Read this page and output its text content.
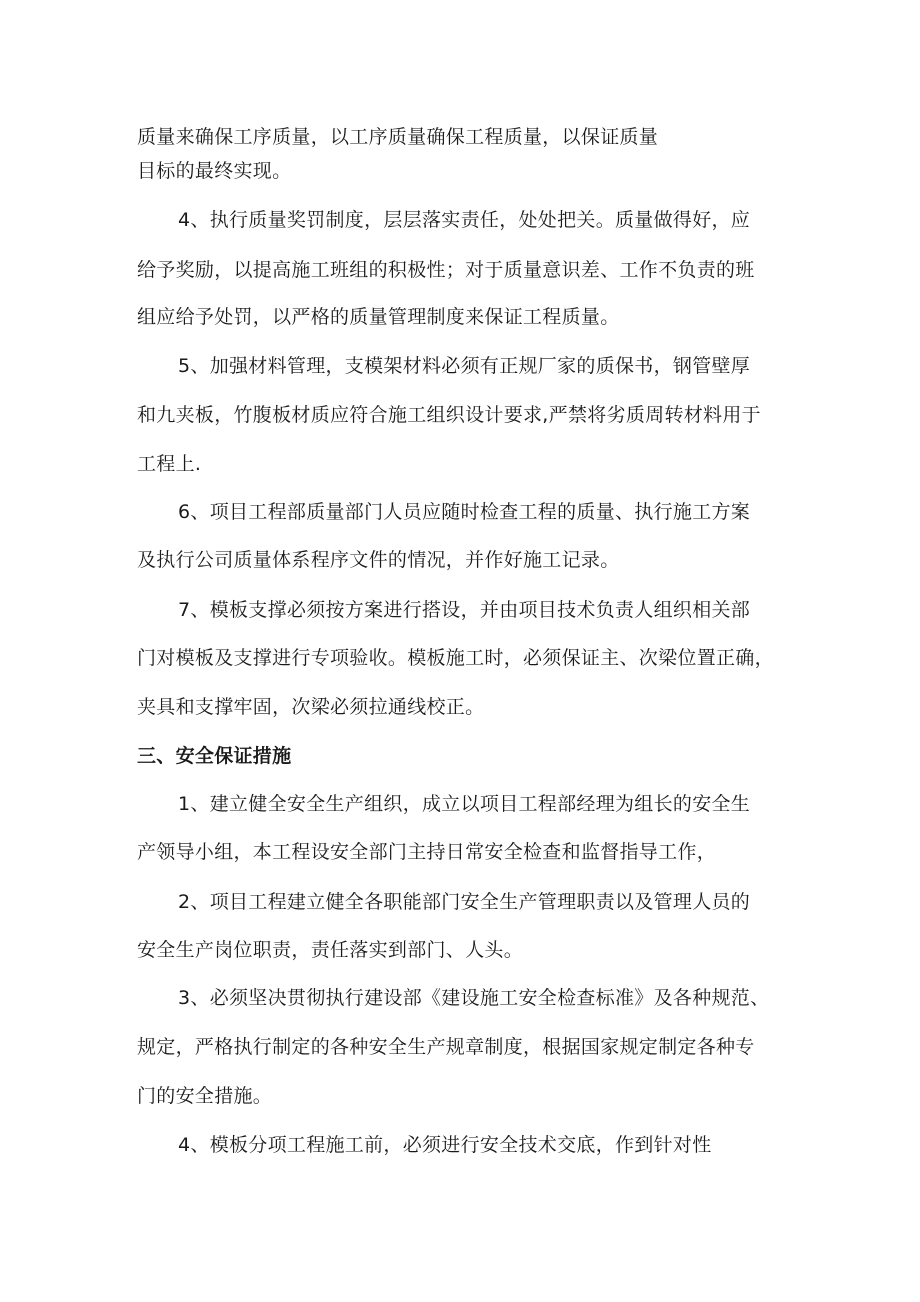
质量来确保工序质量，以工序质量确保工程质量，以保证质量
目标的最终实现。
4、执行质量奖罚制度，层层落实责任，处处把关。质量做得好，应
给予奖励，以提高施工班组的积极性；对于质量意识差、工作不负责的班
组应给予处罚，以严格的质量管理制度来保证工程质量。
5、加强材料管理，支模架材料必须有正规厂家的质保书，钢管壁厚
和九夹板，竹腹板材质应符合施工组织设计要求,严禁将劣质周转材料用于
工程上.
6、项目工程部质量部门人员应随时检查工程的质量、执行施工方案
及执行公司质量体系程序文件的情况，并作好施工记录。
7、模板支撑必须按方案进行搭设，并由项目技术负责人组织相关部
门对模板及支撑进行专项验收。模板施工时，必须保证主、次梁位置正确，
夹具和支撑牢固，次梁必须拉通线校正。
三、安全保证措施
1、建立健全安全生产组织，成立以项目工程部经理为组长的安全生
产领导小组，本工程设安全部门主持日常安全检查和监督指导工作，
2、项目工程建立健全各职能部门安全生产管理职责以及管理人员的
安全生产岗位职责，责任落实到部门、人头。
3、必须坚决贯彻执行建设部《建设施工安全检查标准》及各种规范、
规定，严格执行制定的各种安全生产规章制度，根据国家规定制定各种专
门的安全措施。
4、模板分项工程施工前，必须进行安全技术交底，作到针对性
